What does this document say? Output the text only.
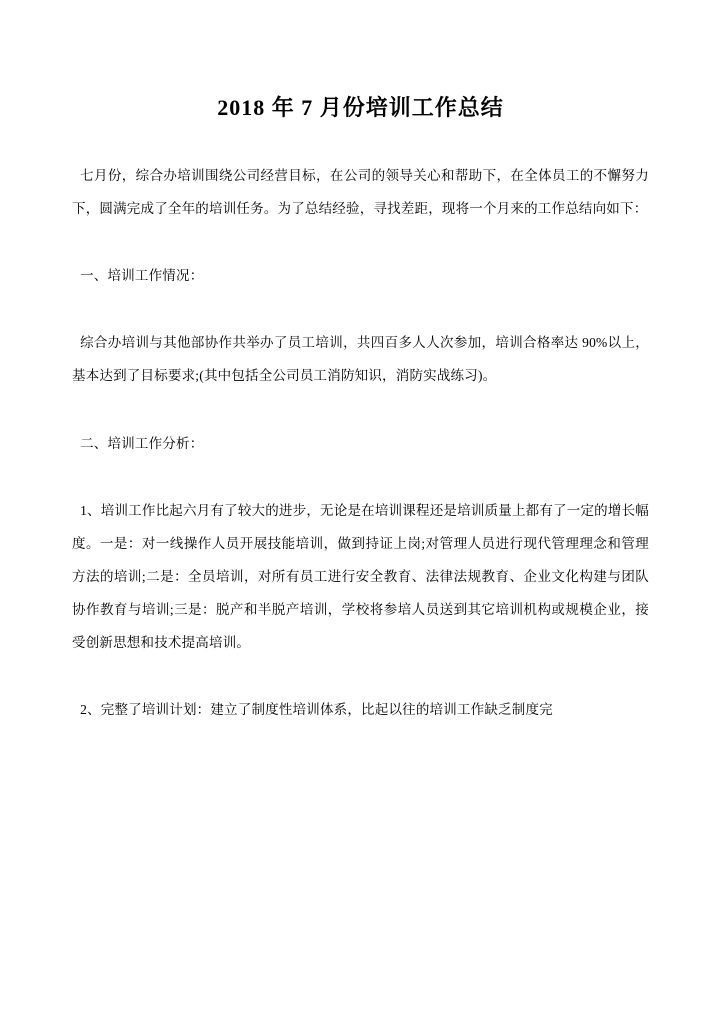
2018 年 7 月份培训工作总结

七月份，综合办培训围绕公司经营目标，在公司的领导关心和帮助下，在全体员工的不懈努力下，圆满完成了全年的培训任务。为了总结经验，寻找差距，现将一个月来的工作总结向如下：

一、培训工作情况：

综合办培训与其他部协作共举办了员工培训，共四百多人人次参加，培训合格率达 90%以上，基本达到了目标要求;(其中包括全公司员工消防知识，消防实战练习)。

二、培训工作分析：

1、培训工作比起六月有了较大的进步，无论是在培训课程还是培训质量上都有了一定的增长幅度。一是：对一线操作人员开展技能培训，做到持证上岗;对管理人员进行现代管理理念和管理方法的培训;二是：全员培训，对所有员工进行安全教育、法律法规教育、企业文化构建与团队协作教育与培训;三是：脱产和半脱产培训，学校将参培人员送到其它培训机构或规模企业，接受创新思想和技术提高培训。

2、完整了培训计划：建立了制度性培训体系，比起以往的培训工作缺乏制度完
